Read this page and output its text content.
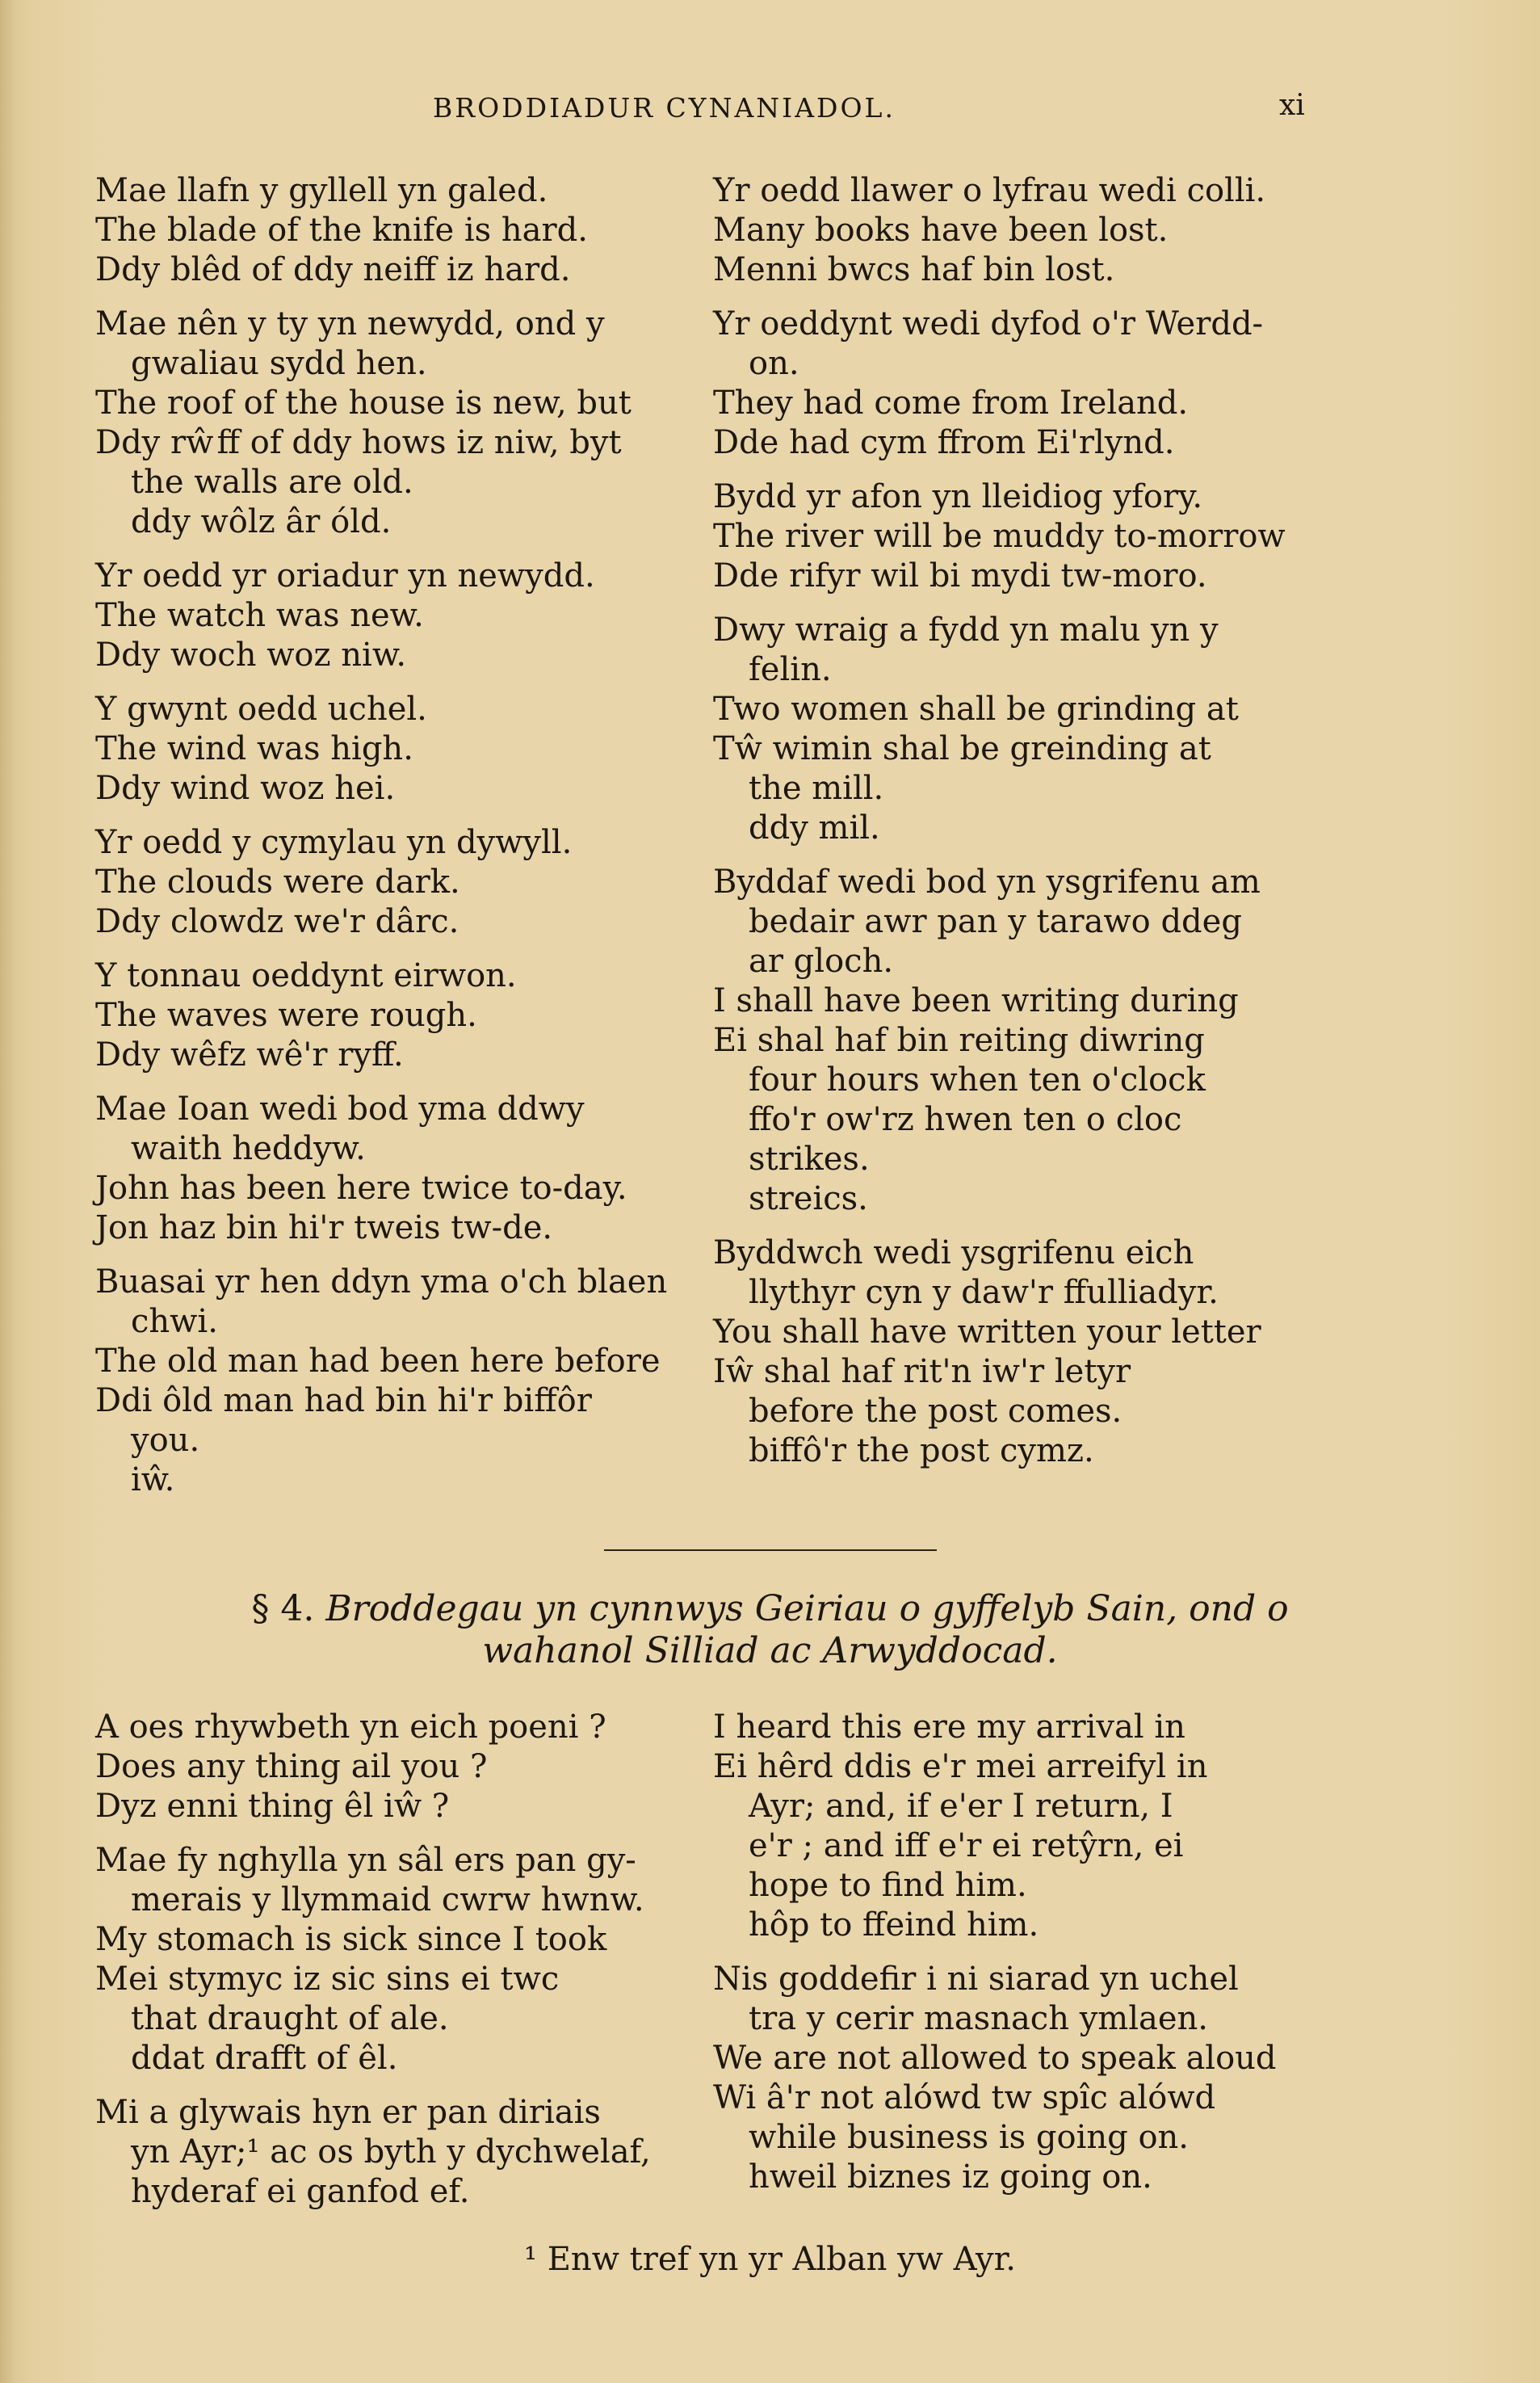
BRODDIADUR CYNANIADOL.	xi
Mae llafn y gyllell yn galed.
The blade of the knife is hard.
Ddy blêd of ddy neiff iz hard.
Mae nên y ty yn newydd, ond y
gwaliau sydd hen.
The roof of the house is new, but
Ddy rŵff of ddy hows iz niw, byt
the walls are old.
ddy wôlz âr óld.
Yr oedd yr oriadur yn newydd.
The watch was new.
Ddy woch woz niw.
Y gwynt oedd uchel.
The wind was high.
Ddy wind woz hei.
Yr oedd y cymylau yn dywyll.
The clouds were dark.
Ddy clowdz we'r dârc.
Y tonnau oeddynt eirwon.
The waves were rough.
Ddy wêfz wê'r ryff.
Mae Ioan wedi bod yma ddwy
waith heddyw.
John has been here twice to-day.
Jon haz bin hi'r tweis tw-de.
Buasai yr hen ddyn yma o'ch blaen
chwi.
The old man had been here before
Ddi ôld man had bin hi'r biffôr
you.
iŵ.
Yr oedd llawer o lyfrau wedi colli.
Many books have been lost.
Menni bwcs haf bin lost.
Yr oeddynt wedi dyfod o'r Werdd-
on.
They had come from Ireland.
Dde had cym ffrom Ei'rlynd.
Bydd yr afon yn lleidiog yfory.
The river will be muddy to-morrow
Dde rifyr wil bi mydi tw-moro.
Dwy wraig a fydd yn malu yn y
felin.
Two women shall be grinding at
Tŵ wimin shal be greinding at
the mill.
ddy mil.
Byddaf wedi bod yn ysgrifenu am
bedair awr pan y tarawo ddeg
ar gloch.
I shall have been writing during
Ei shal haf bin reiting diwring
four hours when ten o'clock
ffo'r ow'rz hwen ten o cloc
strikes.
streics.
Byddwch wedi ysgrifenu eich
llythyr cyn y daw'r ffulliadyr.
You shall have written your letter
Iŵ shal haf rit'n iw'r letyr
before the post comes.
biffô'r the post cymz.
§ 4. Broddegau yn cynnwys Geiriau o gyffelyb Sain, ond o
wahanol Silliad ac Arwyddocad.
A oes rhywbeth yn eich poeni ?
Does any thing ail you ?
Dyz enni thing êl iŵ ?
Mae fy nghylla yn sâl ers pan gy-
merais y llymmaid cwrw hwnw.
My stomach is sick since I took
Mei stymyc iz sic sins ei twc
that draught of ale.
ddat drafft of êl.
Mi a glywais hyn er pan diriais
yn Ayr;¹ ac os byth y dychwelaf,
hyderaf ei ganfod ef.
I heard this ere my arrival in
Ei hêrd ddis e'r mei arreifyl in
Ayr; and, if e'er I return, I
e'r ; and iff e'r ei retŷrn, ei
hope to find him.
hôp to ffeind him.
Nis goddefir i ni siarad yn uchel
tra y cerir masnach ymlaen.
We are not allowed to speak aloud
Wi â'r not alówd tw spîc alówd
while business is going on.
hweil biznes iz going on.
¹ Enw tref yn yr Alban yw Ayr.
